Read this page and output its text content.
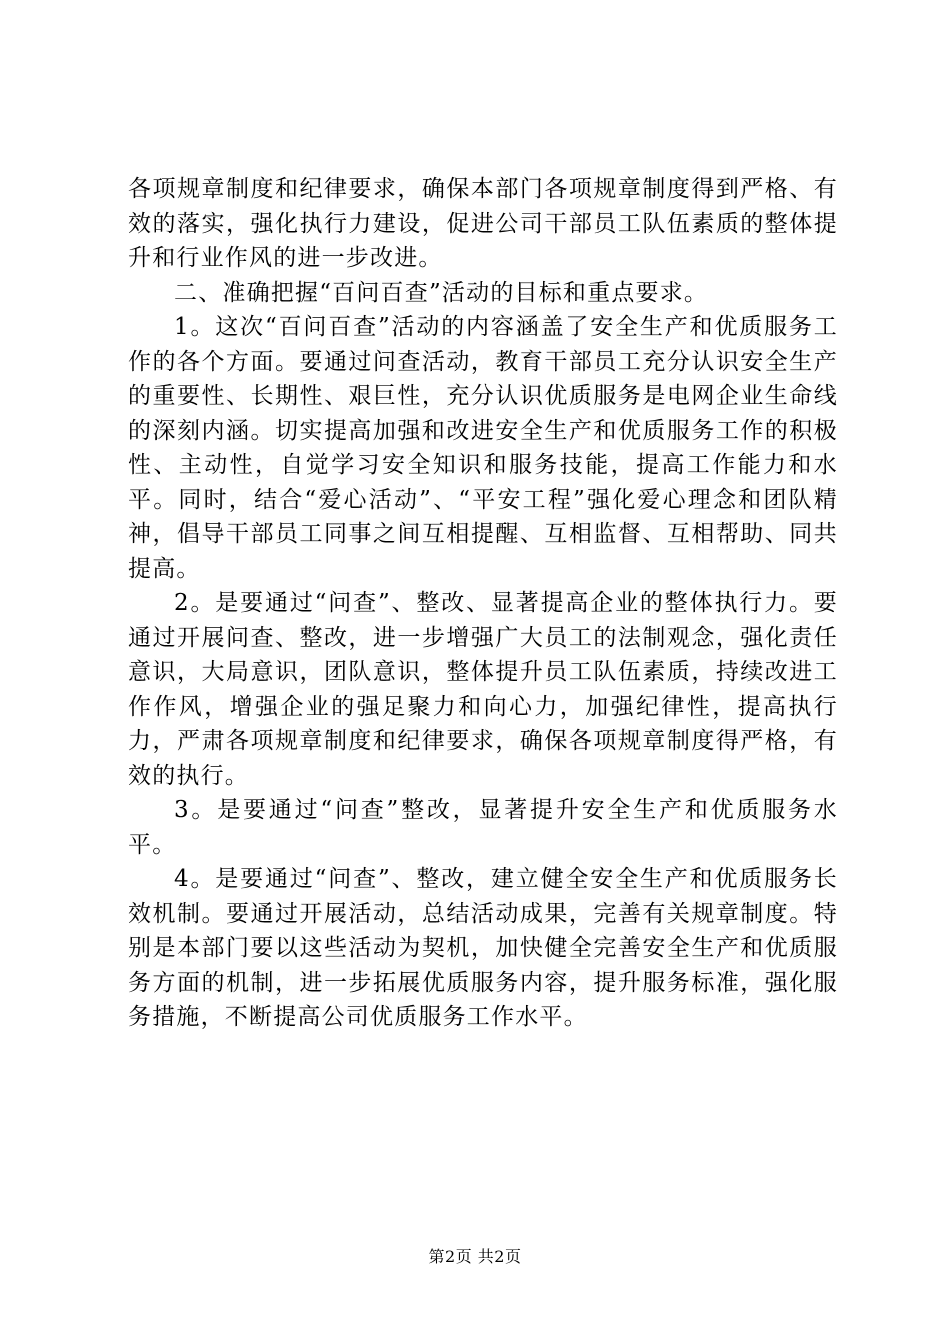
各项规章制度和纪律要求，确保本部门各项规章制度得到严格、有效的落实，强化执行力建设，促进公司干部员工队伍素质的整体提升和行业作风的进一步改进。

二、准确把握“百问百查”活动的目标和重点要求。

1。这次“百问百查”活动的内容涵盖了安全生产和优质服务工作的各个方面。要通过问查活动，教育干部员工充分认识安全生产的重要性、长期性、艰巨性，充分认识优质服务是电网企业生命线的深刻内涵。切实提高加强和改进安全生产和优质服务工作的积极性、主动性，自觉学习安全知识和服务技能，提高工作能力和水平。同时，结合“爱心活动”、“平安工程”强化爱心理念和团队精神，倡导干部员工同事之间互相提醒、互相监督、互相帮助、同共提高。

2。是要通过“问查”、整改、显著提高企业的整体执行力。要通过开展问查、整改，进一步增强广大员工的法制观念，强化责任意识，大局意识，团队意识，整体提升员工队伍素质，持续改进工作作风，增强企业的强足聚力和向心力，加强纪律性，提高执行力，严肃各项规章制度和纪律要求，确保各项规章制度得严格，有效的执行。

3。是要通过“问查”整改，显著提升安全生产和优质服务水平。

4。是要通过“问查”、整改，建立健全安全生产和优质服务长效机制。要通过开展活动，总结活动成果，完善有关规章制度。特别是本部门要以这些活动为契机，加快健全完善安全生产和优质服务方面的机制，进一步拓展优质服务内容，提升服务标准，强化服务措施，不断提高公司优质服务工作水平。

第2页 共2页
